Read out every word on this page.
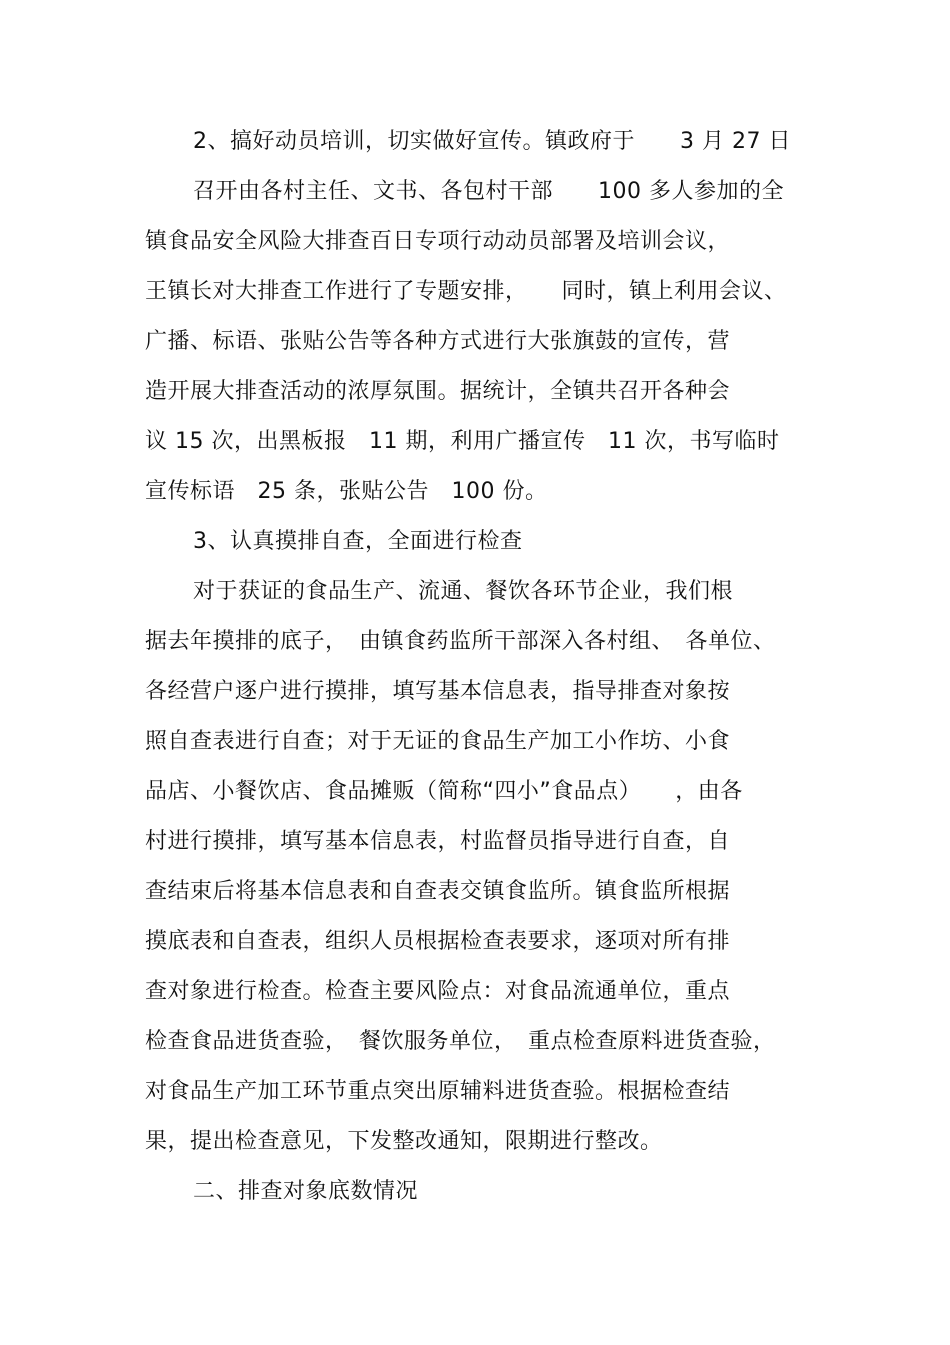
2、搞好动员培训，切实做好宣传。镇政府于　　3 月 27 日
召开由各村主任、文书、各包村干部　　100 多人参加的全
镇食品安全风险大排查百日专项行动动员部署及培训会议，
王镇长对大排查工作进行了专题安排，　　同时，镇上利用会议、
广播、标语、张贴公告等各种方式进行大张旗鼓的宣传，营
造开展大排查活动的浓厚氛围。据统计，全镇共召开各种会
议 15 次，出黑板报　11 期，利用广播宣传　11 次，书写临时
宣传标语　25 条，张贴公告　100 份。
3、认真摸排自查，全面进行检查
对于获证的食品生产、流通、餐饮各环节企业，我们根
据去年摸排的底子，　由镇食药监所干部深入各村组、　各单位、
各经营户逐户进行摸排，填写基本信息表，指导排查对象按
照自查表进行自查；对于无证的食品生产加工小作坊、小食
品店、小餐饮店、食品摊贩（简称“四小”食品点）　　，由各
村进行摸排，填写基本信息表，村监督员指导进行自查，自
查结束后将基本信息表和自查表交镇食监所。镇食监所根据
摸底表和自查表，组织人员根据检查表要求，逐项对所有排
查对象进行检查。检查主要风险点：对食品流通单位，重点
检查食品进货查验，　餐饮服务单位，　重点检查原料进货查验，
对食品生产加工环节重点突出原辅料进货查验。根据检查结
果，提出检查意见，下发整改通知，限期进行整改。
二、排查对象底数情况
